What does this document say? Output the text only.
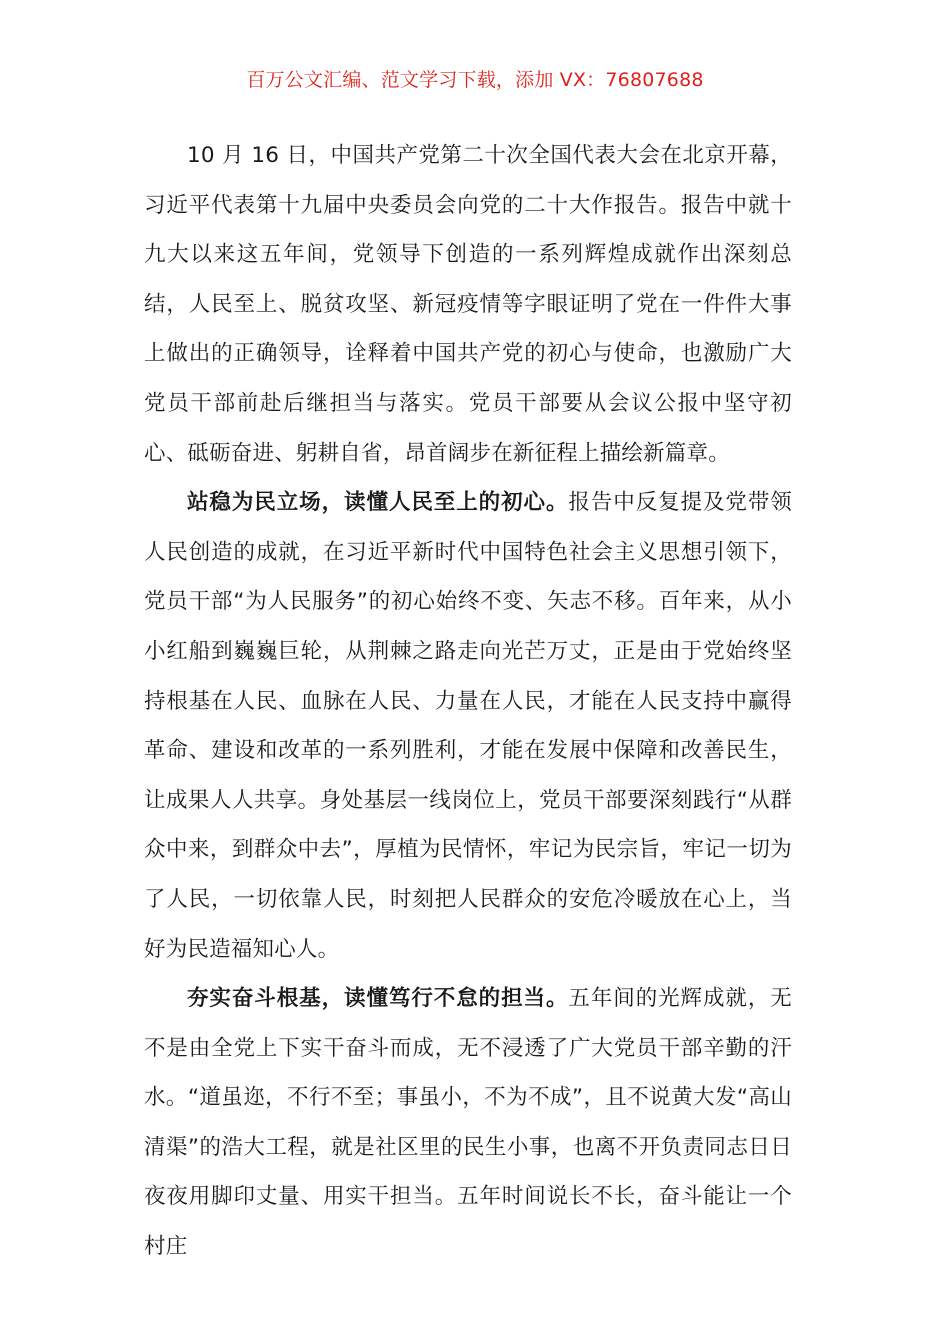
百万公文汇编、范文学习下载，添加 VX：76807688

10 月 16 日，中国共产党第二十次全国代表大会在北京开幕，习近平代表第十九届中央委员会向党的二十大作报告。报告中就十九大以来这五年间，党领导下创造的一系列辉煌成就作出深刻总结，人民至上、脱贫攻坚、新冠疫情等字眼证明了党在一件件大事上做出的正确领导，诠释着中国共产党的初心与使命，也激励广大党员干部前赴后继担当与落实。党员干部要从会议公报中坚守初心、砥砺奋进、躬耕自省，昂首阔步在新征程上描绘新篇章。

站稳为民立场，读懂人民至上的初心。报告中反复提及党带领人民创造的成就，在习近平新时代中国特色社会主义思想引领下，党员干部“为人民服务”的初心始终不变、矢志不移。百年来，从小小红船到巍巍巨轮，从荆棘之路走向光芒万丈，正是由于党始终坚持根基在人民、血脉在人民、力量在人民，才能在人民支持中赢得革命、建设和改革的一系列胜利，才能在发展中保障和改善民生，让成果人人共享。身处基层一线岗位上，党员干部要深刻践行“从群众中来，到群众中去”，厚植为民情怀，牢记为民宗旨，牢记一切为了人民，一切依靠人民，时刻把人民群众的安危冷暖放在心上，当好为民造福知心人。

夯实奋斗根基，读懂笃行不怠的担当。五年间的光辉成就，无不是由全党上下实干奋斗而成，无不浸透了广大党员干部辛勤的汗水。“道虽迩，不行不至；事虽小，不为不成”，且不说黄大发“高山清渠”的浩大工程，就是社区里的民生小事，也离不开负责同志日日夜夜用脚印丈量、用实干担当。五年时间说长不长，奋斗能让一个村庄
